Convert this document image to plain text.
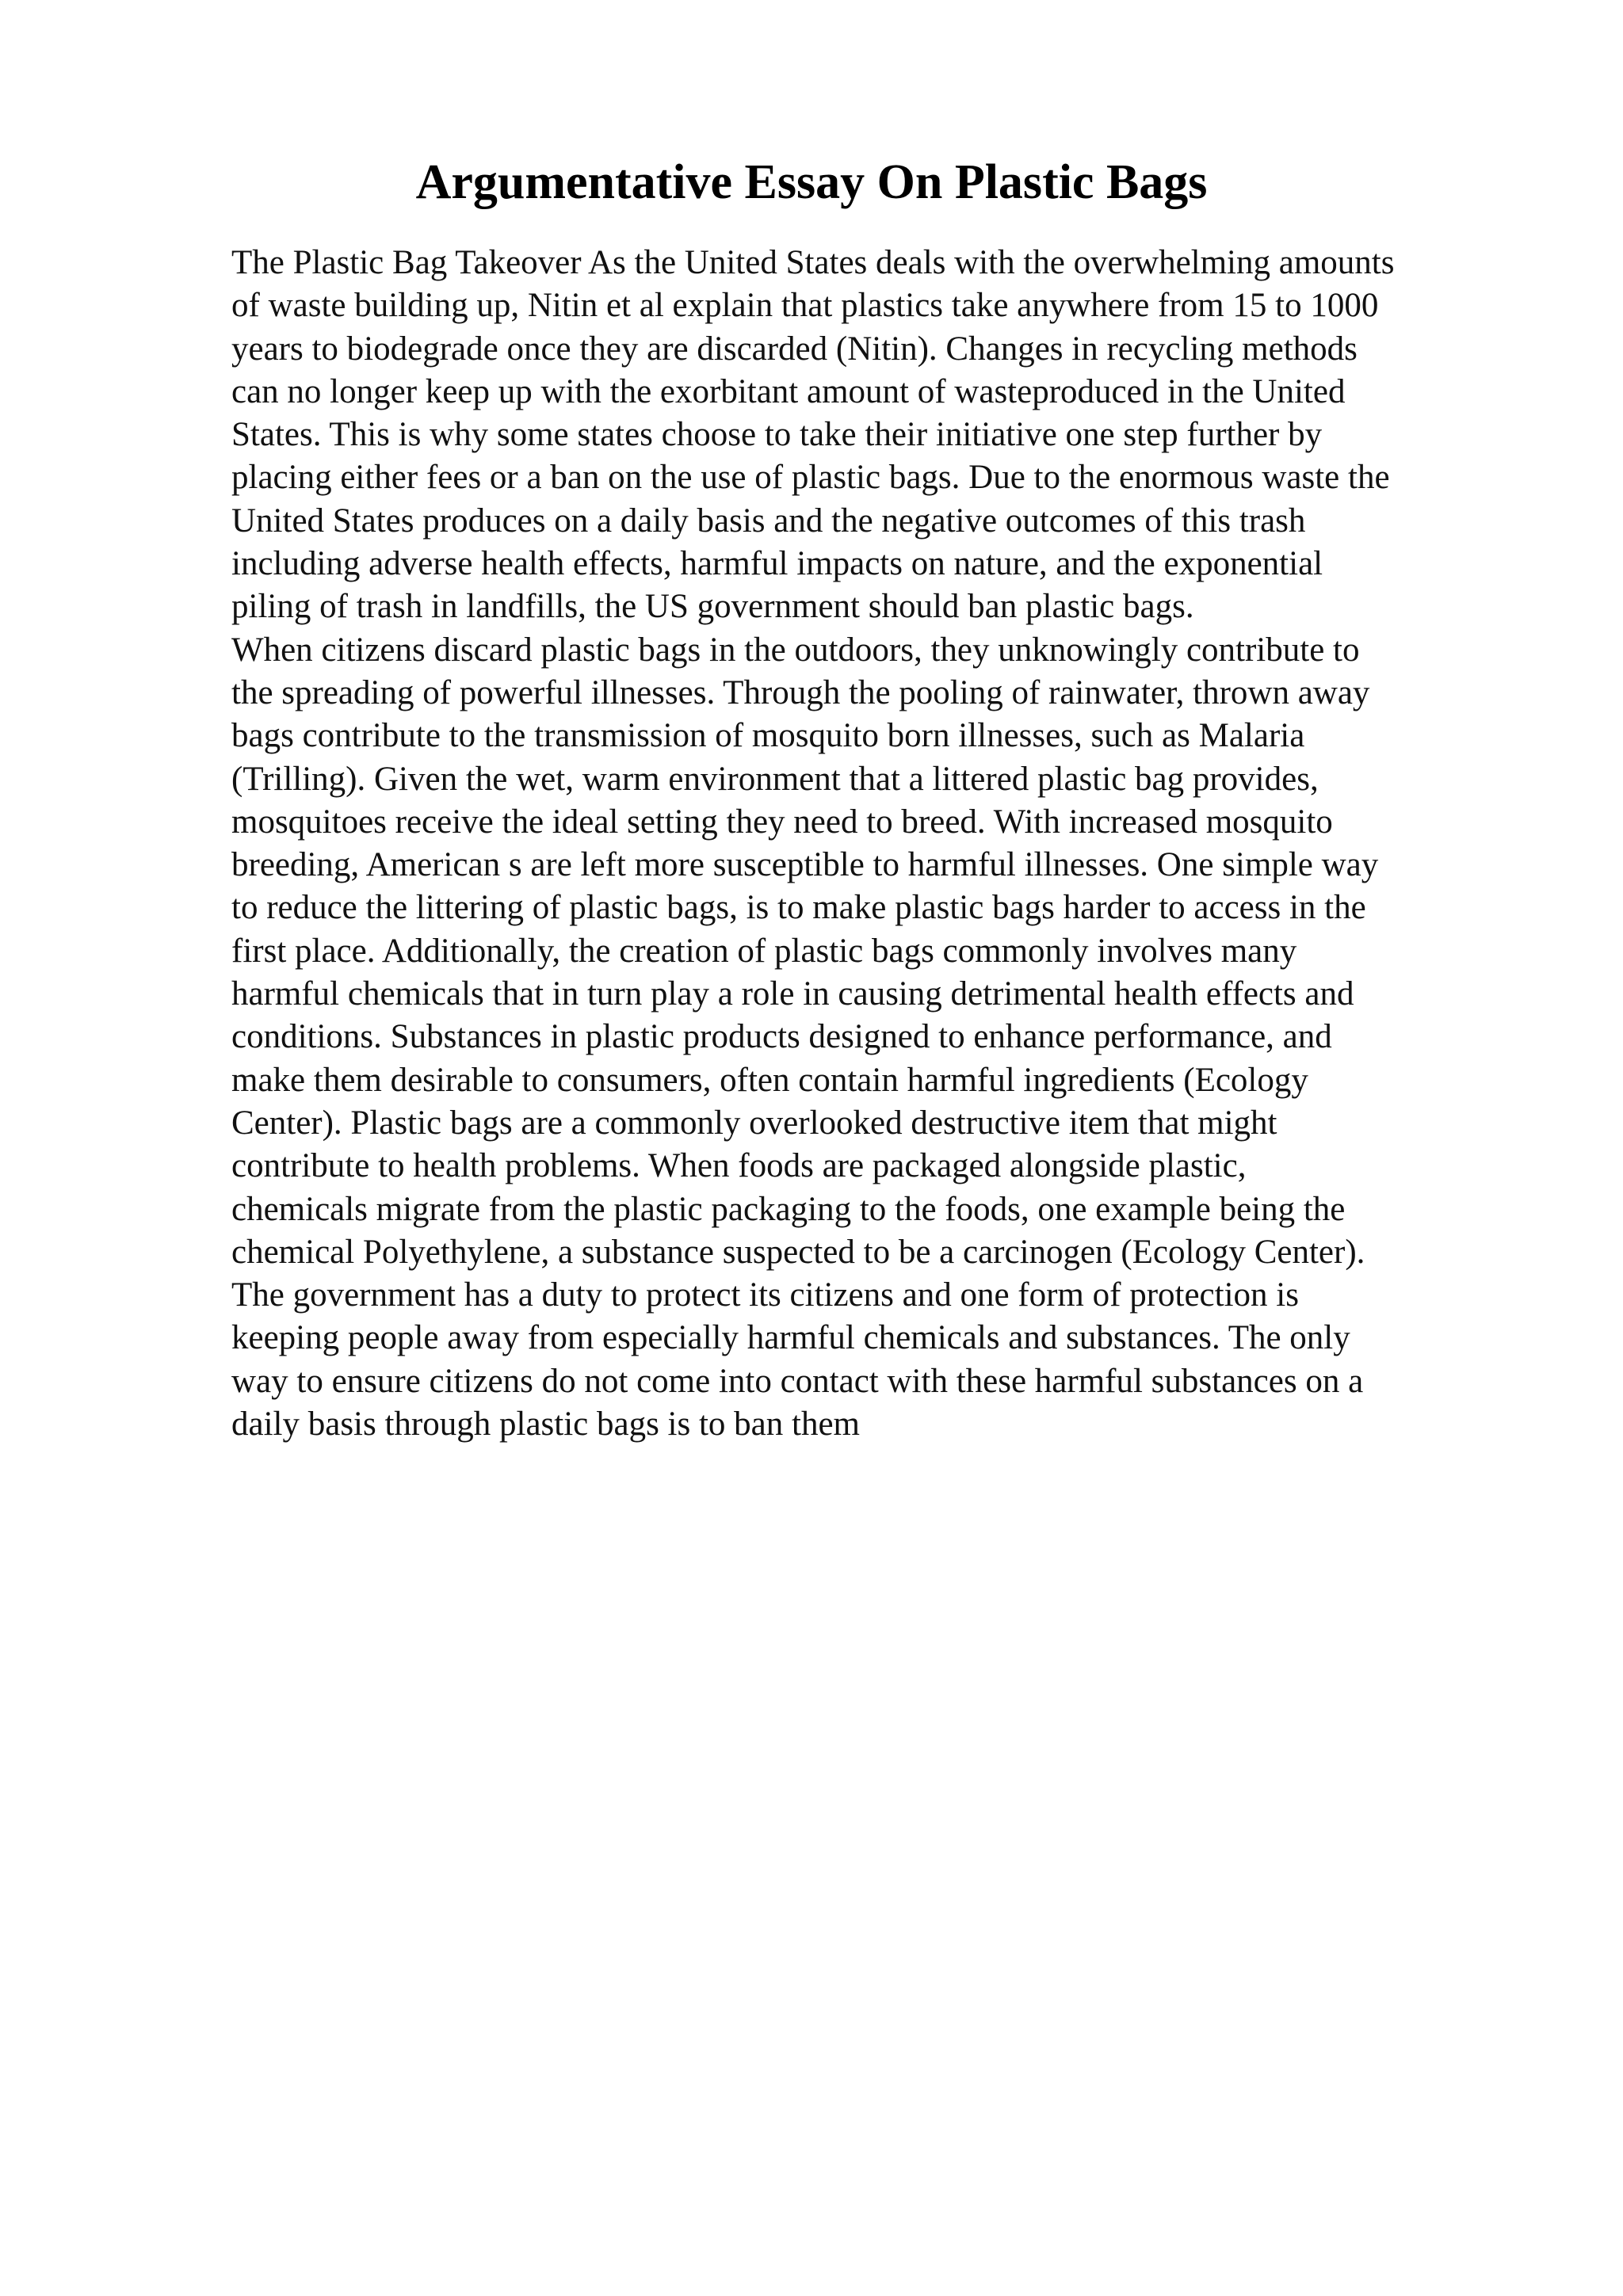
Argumentative Essay On Plastic Bags
The Plastic Bag Takeover As the United States deals with the overwhelming amounts
of waste building up, Nitin et al explain that plastics take anywhere from 15 to 1000
years to biodegrade once they are discarded (Nitin). Changes in recycling methods
can no longer keep up with the exorbitant amount of wasteproduced in the United
States. This is why some states choose to take their initiative one step further by
placing either fees or a ban on the use of plastic bags. Due to the enormous waste the
United States produces on a daily basis and the negative outcomes of this trash
including adverse health effects, harmful impacts on nature, and the exponential
piling of trash in landfills, the US government should ban plastic bags.
When citizens discard plastic bags in the outdoors, they unknowingly contribute to
the spreading of powerful illnesses. Through the pooling of rainwater, thrown away
bags contribute to the transmission of mosquito born illnesses, such as Malaria
(Trilling). Given the wet, warm environment that a littered plastic bag provides,
mosquitoes receive the ideal setting they need to breed. With increased mosquito
breeding, American s are left more susceptible to harmful illnesses. One simple way
to reduce the littering of plastic bags, is to make plastic bags harder to access in the
first place. Additionally, the creation of plastic bags commonly involves many
harmful chemicals that in turn play a role in causing detrimental health effects and
conditions. Substances in plastic products designed to enhance performance, and
make them desirable to consumers, often contain harmful ingredients (Ecology
Center). Plastic bags are a commonly overlooked destructive item that might
contribute to health problems. When foods are packaged alongside plastic,
chemicals migrate from the plastic packaging to the foods, one example being the
chemical Polyethylene, a substance suspected to be a carcinogen (Ecology Center).
The government has a duty to protect its citizens and one form of protection is
keeping people away from especially harmful chemicals and substances. The only
way to ensure citizens do not come into contact with these harmful substances on a
daily basis through plastic bags is to ban them
